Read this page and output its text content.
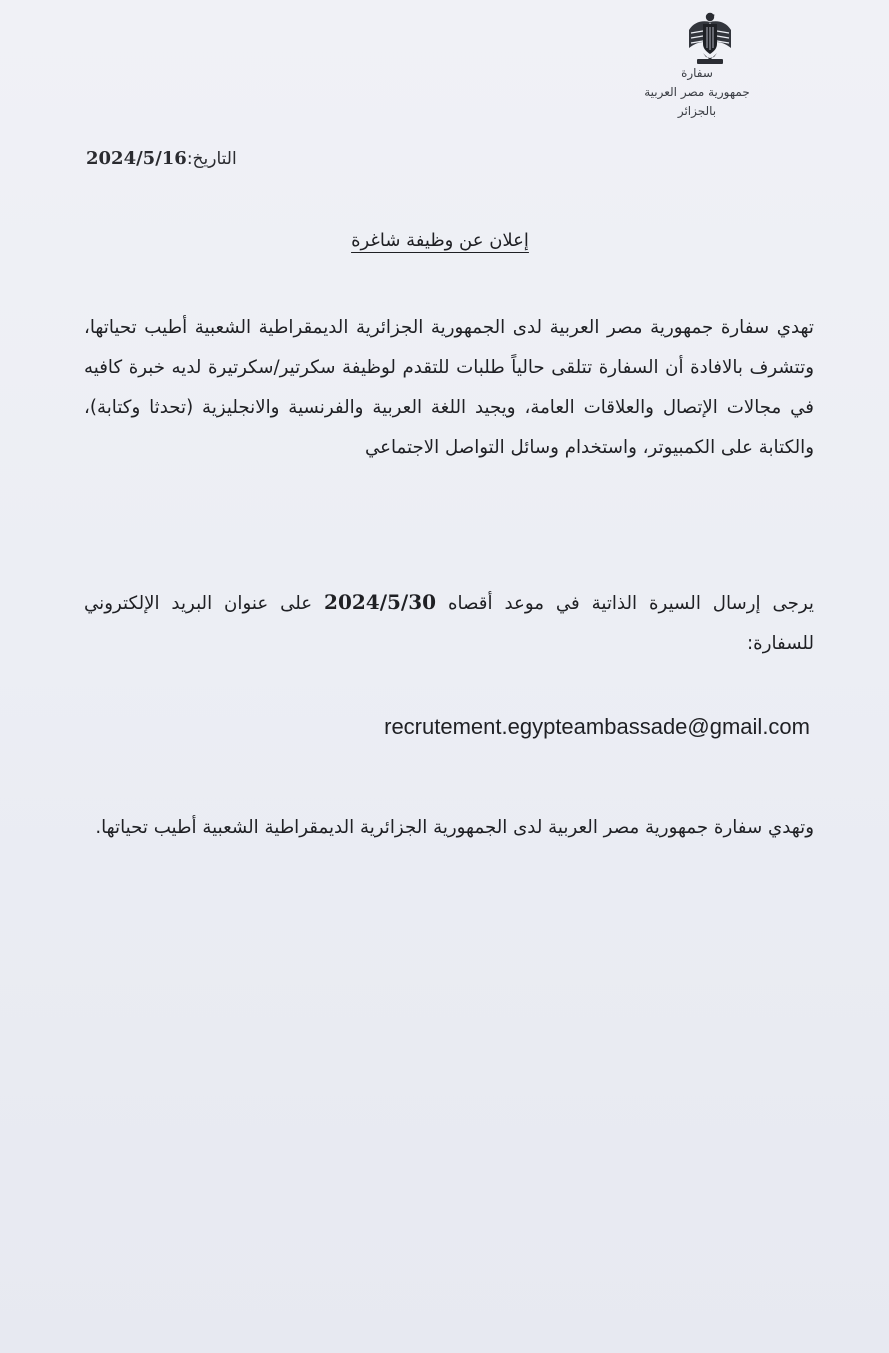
سفارة
جمهورية مصر العربية
بالجزائر
التاريخ:2024/5/16
إعلان عن وظيفة شاغرة
تهدي سفارة جمهورية مصر العربية لدى الجمهورية الجزائرية الديمقراطية الشعبية أطيب تحياتها، وتتشرف بالافادة أن السفارة تتلقى حالياً طلبات للتقدم لوظيفة سكرتير/سكرتيرة لديه خبرة كافيه في مجالات الإتصال والعلاقات العامة، ويجيد اللغة العربية والفرنسية والانجليزية (تحدثا وكتابة)، والكتابة على الكمبيوتر، واستخدام وسائل التواصل الاجتماعي
يرجى إرسال السيرة الذاتية في موعد أقصاه 2024/5/30 على عنوان البريد الإلكتروني للسفارة:
recrutement.egypteambassade@gmail.com
وتهدي سفارة جمهورية مصر العربية لدى الجمهورية الجزائرية الديمقراطية الشعبية أطيب تحياتها.
